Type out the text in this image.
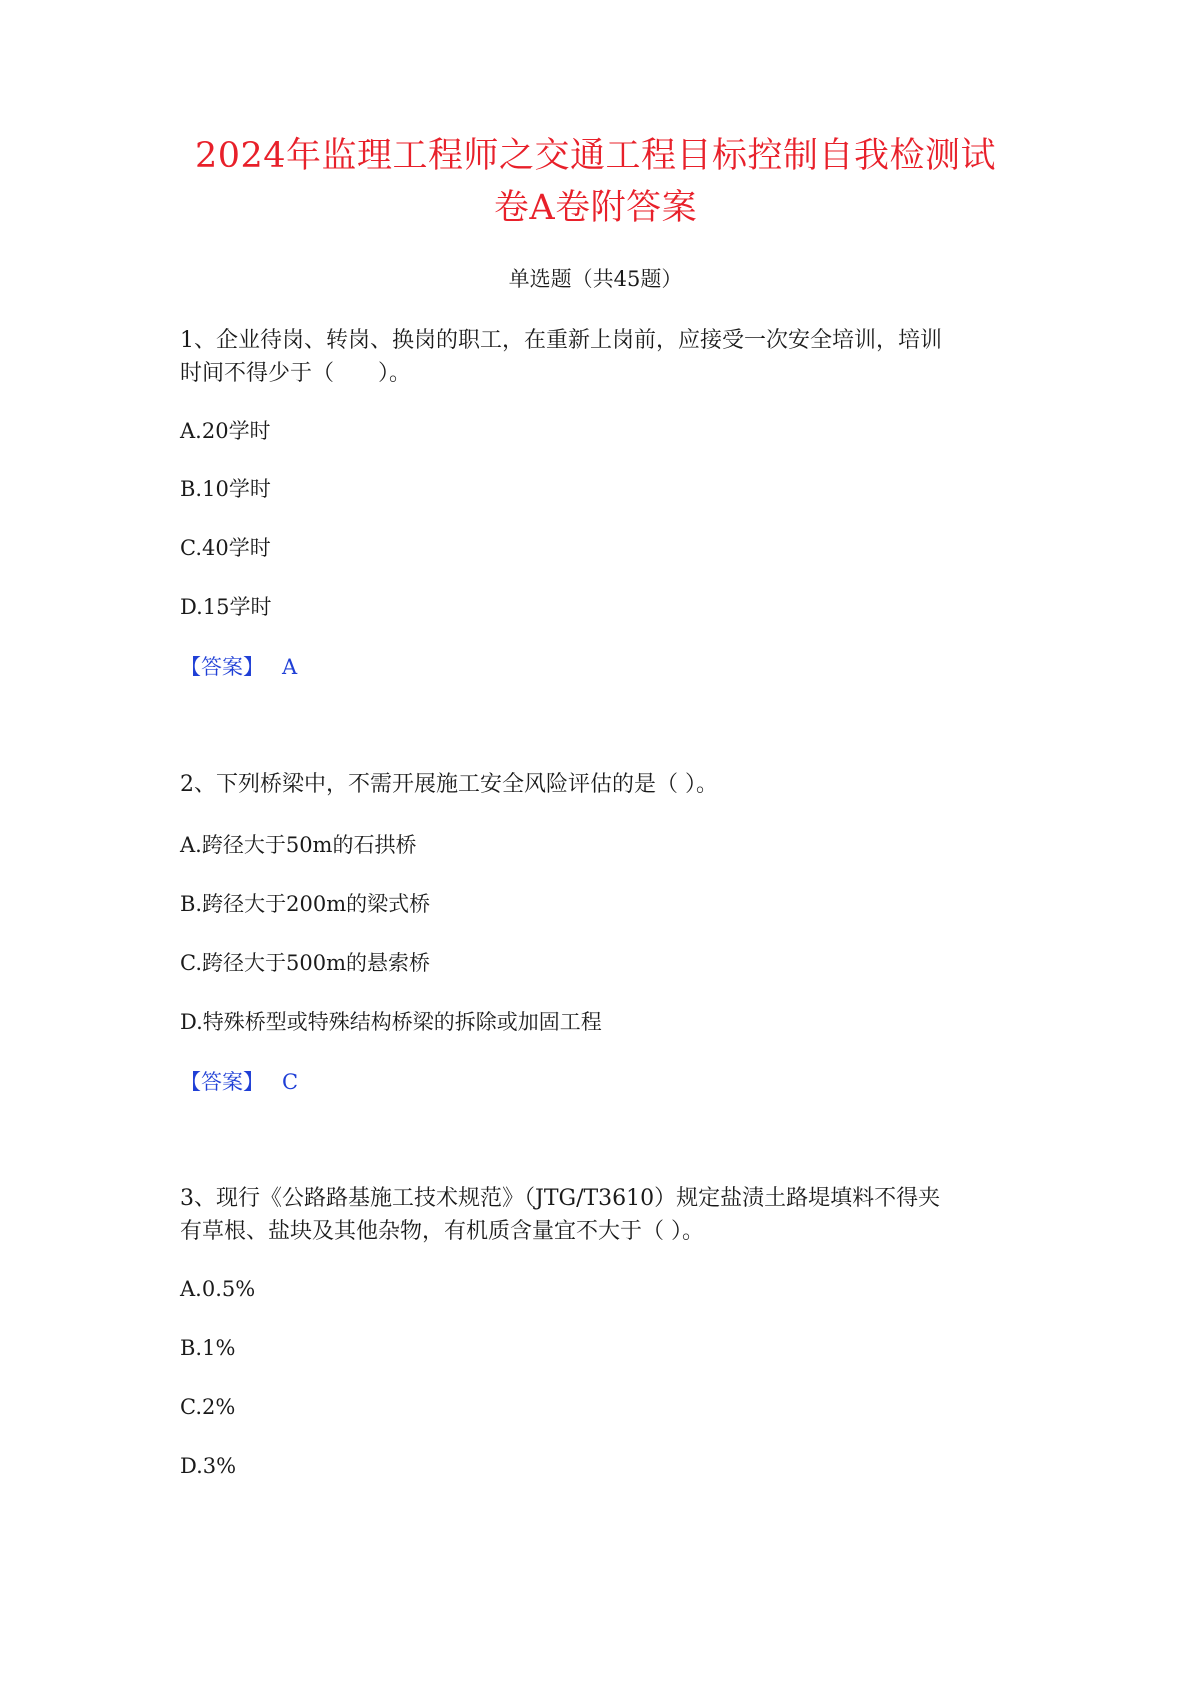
2024年监理工程师之交通工程目标控制自我检测试
卷A卷附答案
单选题（共45题）
1、企业待岗、转岗、换岗的职工，在重新上岗前，应接受一次安全培训，培训
时间不得少于（　　）。
A.20学时
B.10学时
C.40学时
D.15学时
【答案】 A
2、下列桥梁中，不需开展施工安全风险评估的是（ ）。
A.跨径大于50m的石拱桥
B.跨径大于200m的梁式桥
C.跨径大于500m的悬索桥
D.特殊桥型或特殊结构桥梁的拆除或加固工程
【答案】 C
3、现行《公路路基施工技术规范》（JTG/T3610）规定盐渍土路堤填料不得夹
有草根、盐块及其他杂物，有机质含量宜不大于（ ）。
A.0.5%
B.1%
C.2%
D.3%
